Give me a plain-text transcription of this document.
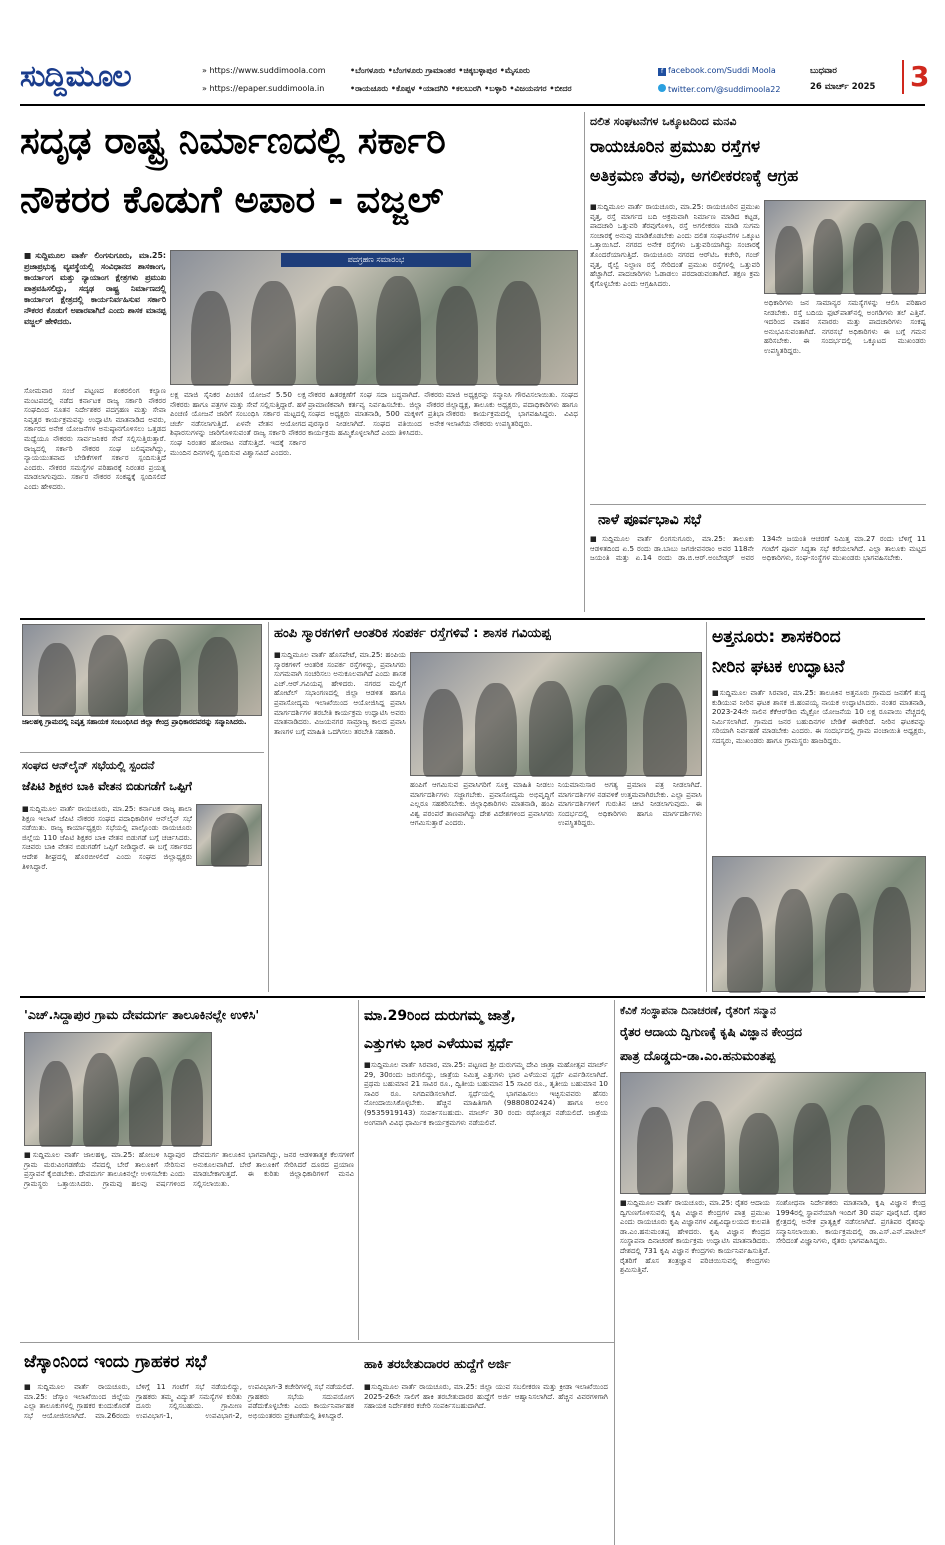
ಸುದ್ದಿಮೂಲ	» https://www.suddimoola.com
» https://epaper.suddimoola.in
•ಬೆಂಗಳೂರು •ಬೆಂಗಳೂರು ಗ್ರಾಮಾಂತರ •ಚಿಕ್ಕಬಳ್ಳಾಪುರ •ಮೈಸೂರು
•ರಾಯಚೂರು •ಕೊಪ್ಪಳ •ಯಾದಗಿರಿ •ಕಲಬುರಗಿ •ಬಳ್ಳಾರಿ •ವಿಜಯನಗರ •ಬೀದರ
f facebook.com/Suddi Moola
twitter.com/@suddimoola22
ಬುಧವಾರ
26 ಮಾರ್ಚ್ 2025 3
ಸದೃಢ ರಾಷ್ಟ್ರ ನಿರ್ಮಾಣದಲ್ಲಿ ಸರ್ಕಾರಿ
ನೌಕರರ ಕೊಡುಗೆ ಅಪಾರ - ವಜ್ಜಲ್
■ಸುದ್ದಿಮೂಲ ವಾರ್ತೆ ಲಿಂಗಸುಗೂರು, ಮಾ.25: ಪ್ರಜಾಪ್ರಭುತ್ವ ವ್ಯವಸ್ಥೆಯಲ್ಲಿ ಸಂವಿಧಾನದ ಶಾಸಕಾಂಗ, ಕಾರ್ಯಾಂಗ ಮತ್ತು ನ್ಯಾಯಾಂಗ ಕ್ಷೇತ್ರಗಳು ಪ್ರಮುಖ ಪಾತ್ರವಹಿಸಲಿದ್ದು, ಸದೃಢ ರಾಷ್ಟ್ರ ನಿರ್ಮಾಣದಲ್ಲಿ ಕಾರ್ಯಾಂಗ ಕ್ಷೇತ್ರದಲ್ಲಿ ಕಾರ್ಯನಿರ್ವಹಿಸುವ ಸರ್ಕಾರಿ ನೌಕರರ ಕೊಡುಗೆ ಅಪಾರವಾಗಿದೆ ಎಂದು ಶಾಸಕ ಮಾನಪ್ಪ ವಜ್ಜಲ್ ಹೇಳಿದರು.
ಪದಗ್ರಹಣ ಸಮಾರಂಭ
ಸೋಮವಾರ ಸಂಜೆ ಪಟ್ಟಣದ ಶಂಕರಲಿಂಗ ಕಲ್ಯಾಣ ಮಂಟಪದಲ್ಲಿ ನಡೆದ ಕರ್ನಾಟಕ ರಾಜ್ಯ ಸರ್ಕಾರಿ ನೌಕರರ ಸಂಘದಿಂದ ನೂತನ ನಿರ್ದೇಶಕರ ಪದಗ್ರಹಣ ಮತ್ತು ಸೇವಾ ನಿವೃತ್ತರ ಕಾರ್ಯಕ್ರಮವನ್ನು ಉದ್ಘಾಟಿಸಿ ಮಾತನಾಡಿದ ಅವರು, ಸರ್ಕಾರದ ಅನೇಕ ಯೋಜನೆಗಳ ಅನುಷ್ಠಾನಗೊಳಿಸಲು ಒತ್ತಡದ ಮಧ್ಯೆಯೂ ನೌಕರರು ಸಾರ್ವಜನಿಕರ ಸೇವೆ ಸಲ್ಲಿಸುತ್ತಿರುತ್ತಾರೆ. ರಾಜ್ಯದಲ್ಲಿ ಸರ್ಕಾರಿ ನೌಕರರ ಸಂಘ ಬಲಿಷ್ಠವಾಗಿದ್ದು, ನ್ಯಾಯಯುತವಾದ ಬೇಡಿಕೆಗಳಿಗೆ ಸರ್ಕಾರ ಸ್ಪಂದಿಸುತ್ತಿದೆ ಎಂದರು. ನೌಕರರ ಸಮಸ್ಯೆಗಳ ಪರಿಹಾರಕ್ಕೆ ನಿರಂತರ ಪ್ರಯತ್ನ ಮಾಡಲಾಗುವುದು. ಸರ್ಕಾರ ನೌಕರರ ಸಂಕಷ್ಟಕ್ಕೆ ಸ್ಪಂದಿಸಲಿದೆ ಎಂದು ಹೇಳಿದರು.
ಲಕ್ಷ ಮಾಜಿ ಸೈನಿಕರ ಪಿಂಚಣಿ ಯೋಜನೆ 5.50 ಲಕ್ಷ ನೌಕರರು ಹಾಗೂ ಪತ್ರಗಳ ಮತ್ತು ಸೇವೆ ಸಲ್ಲಿಸುತ್ತಿದ್ದಾರೆ. ಹಳೆ ಪಿಂಚಣಿ ಯೋಜನೆ ಜಾರಿಗೆ ಸಂಬಂಧಿಸಿ ಸರ್ಕಾರ ಮಟ್ಟದಲ್ಲಿ ಚರ್ಚೆ ನಡೆಸಲಾಗುತ್ತಿದೆ. ಏಳನೇ ವೇತನ ಆಯೋಗದ ಶಿಫಾರಸುಗಳನ್ನು ಜಾರಿಗೊಳಿಸುವಂತೆ ರಾಜ್ಯ ಸರ್ಕಾರಿ ನೌಕರರ ಸಂಘ ನಿರಂತರ ಹೋರಾಟ ನಡೆಸುತ್ತಿದೆ. ಇದಕ್ಕೆ ಸರ್ಕಾರ ಮುಂದಿನ ದಿನಗಳಲ್ಲಿ ಸ್ಪಂದಿಸುವ ವಿಶ್ವಾಸವಿದೆ ಎಂದರು.
ನೌಕರರ ಹಿತರಕ್ಷಣೆಗೆ ಸಂಘ ಸದಾ ಬದ್ಧವಾಗಿದೆ. ನೌಕರರು ಪ್ರಾಮಾಣಿಕವಾಗಿ ಕರ್ತವ್ಯ ನಿರ್ವಹಿಸಬೇಕು. ಜಿಲ್ಲಾ ನೌಕರರ ಸಂಘದ ಅಧ್ಯಕ್ಷರು ಮಾತನಾಡಿ, 500 ಮಕ್ಕಳಿಗೆ ಪ್ರತಿಭಾ ಪುರಸ್ಕಾರ ನೀಡಲಾಗಿದೆ. ಸಂಘದ ವತಿಯಿಂದ ಅನೇಕ ಕಾರ್ಯಕ್ರಮ ಹಮ್ಮಿಕೊಳ್ಳಲಾಗಿದೆ ಎಂದು ತಿಳಿಸಿದರು.
ಮಾಜಿ ಅಧ್ಯಕ್ಷರನ್ನು ಸನ್ಮಾನಿಸಿ ಗೌರವಿಸಲಾಯಿತು. ಸಂಘದ ಜಿಲ್ಲಾಧ್ಯಕ್ಷ, ತಾಲೂಕು ಅಧ್ಯಕ್ಷರು, ಪದಾಧಿಕಾರಿಗಳು ಹಾಗೂ ನೌಕರರು ಕಾರ್ಯಕ್ರಮದಲ್ಲಿ ಭಾಗವಹಿಸಿದ್ದರು. ವಿವಿಧ ಇಲಾಖೆಯ ನೌಕರರು ಉಪಸ್ಥಿತರಿದ್ದರು.
ದಲಿತ ಸಂಘಟನೆಗಳ ಒಕ್ಕೂಟದಿಂದ ಮನವಿ
ರಾಯಚೂರಿನ ಪ್ರಮುಖ ರಸ್ತೆಗಳ
ಅತಿಕ್ರಮಣ ತೆರವು, ಅಗಲೀಕರಣಕ್ಕೆ ಆಗ್ರಹ
■ಸುದ್ದಿಮೂಲ ವಾರ್ತೆ ರಾಯಚೂರು, ಮಾ.25: ರಾಯಚೂರಿನ ಪ್ರಮುಖ ವೃತ್ತ, ರಸ್ತೆ ಮಾರ್ಗದ ಬದಿ ಅಕ್ರಮವಾಗಿ ನಿರ್ಮಾಣ ಮಾಡಿದ ಕಟ್ಟಡ, ಪಾದಚಾರಿ ಒತ್ತುವರಿ ತೆರವುಗೊಳಿಸಿ, ರಸ್ತೆ ಅಗಲೀಕರಣ ಮಾಡಿ ಸುಗಮ ಸಂಚಾರಕ್ಕೆ ಅನುವು ಮಾಡಿಕೊಡಬೇಕು ಎಂದು ದಲಿತ ಸಂಘಟನೆಗಳ ಒಕ್ಕೂಟ ಒತ್ತಾಯಿಸಿದೆ. ನಗರದ ಅನೇಕ ರಸ್ತೆಗಳು ಒತ್ತುವರಿಯಾಗಿದ್ದು ಸಂಚಾರಕ್ಕೆ ತೊಂದರೆಯಾಗುತ್ತಿದೆ. ರಾಯಚೂರು ನಗರದ ಆರ್‌ಟಿಒ ಕಚೇರಿ, ಗಂಜ್ ವೃತ್ತ, ರೈಲ್ವೆ ನಿಲ್ದಾಣ ರಸ್ತೆ ಸೇರಿದಂತೆ ಪ್ರಮುಖ ರಸ್ತೆಗಳಲ್ಲಿ ಒತ್ತುವರಿ ಹೆಚ್ಚಾಗಿದೆ. ಪಾದಚಾರಿಗಳು ಓಡಾಡಲು ಪರದಾಡುವಂತಾಗಿದೆ. ತಕ್ಷಣ ಕ್ರಮ ಕೈಗೊಳ್ಳಬೇಕು ಎಂದು ಆಗ್ರಹಿಸಿದರು.
ಅಧಿಕಾರಿಗಳು ಜನ ಸಾಮಾನ್ಯರ ಸಮಸ್ಯೆಗಳನ್ನು ಆಲಿಸಿ ಪರಿಹಾರ ನೀಡಬೇಕು. ರಸ್ತೆ ಬದಿಯ ಫುಟ್‌ಪಾತ್‌ನಲ್ಲಿ ಅಂಗಡಿಗಳು ತಲೆ ಎತ್ತಿವೆ. ಇದರಿಂದ ವಾಹನ ಸವಾರರು ಮತ್ತು ಪಾದಚಾರಿಗಳು ಸಂಕಷ್ಟ ಅನುಭವಿಸುವಂತಾಗಿದೆ. ನಗರಸಭೆ ಅಧಿಕಾರಿಗಳು ಈ ಬಗ್ಗೆ ಗಮನ ಹರಿಸಬೇಕು. ಈ ಸಂದರ್ಭದಲ್ಲಿ ಒಕ್ಕೂಟದ ಮುಖಂಡರು ಉಪಸ್ಥಿತರಿದ್ದರು.
ನಾಳೆ ಪೂರ್ವಭಾವಿ ಸಭೆ
■ಸುದ್ದಿಮೂಲ ವಾರ್ತೆ ಲಿಂಗಸುಗೂರು, ಮಾ.25: ತಾಲೂಕು ಆಡಳಿತದಿಂದ ಏ.5 ರಂದು ಡಾ.ಬಾಬು ಜಗಜೀವನರಾಂ ಅವರ 118ನೇ ಜಯಂತಿ ಮತ್ತು ಏ.14 ರಂದು ಡಾ.ಬಿ.ಆರ್.ಅಂಬೇಡ್ಕರ್ ಅವರ 134ನೇ ಜಯಂತಿ ಆಚರಣೆ ನಿಮಿತ್ತ ಮಾ.27 ರಂದು ಬೆಳಿಗ್ಗೆ 11 ಗಂಟೆಗೆ ಪೂರ್ವ ಸಿದ್ಧತಾ ಸಭೆ ಕರೆಯಲಾಗಿದೆ. ಎಲ್ಲಾ ತಾಲೂಕು ಮಟ್ಟದ ಅಧಿಕಾರಿಗಳು, ಸಂಘ-ಸಂಸ್ಥೆಗಳ ಮುಖಂಡರು ಭಾಗವಹಿಸಬೇಕು.
ಜಾಲಹಳ್ಳಿ ಗ್ರಾಮದಲ್ಲಿ ನಿವೃತ್ತ ಸಹಾಯಕ ಸಂಬಂಧಿಸಿದ ಜಿಲ್ಲಾ ಕೇಂದ್ರ ಪ್ರಾಧಿಕಾರದವರನ್ನು ಸನ್ಮಾನಿಸಿದರು.
ಸಂಘದ ಆನ್‌ಲೈನ್ ಸಭೆಯಲ್ಲಿ ಸ್ಪಂದನೆ
ಜೆಪಿಟಿ ಶಿಕ್ಷಕರ ಬಾಕಿ ವೇತನ ಬಿಡುಗಡೆಗೆ ಒಪ್ಪಿಗೆ
■ಸುದ್ದಿಮೂಲ ವಾರ್ತೆ ರಾಯಚೂರು, ಮಾ.25: ಕರ್ನಾಟಕ ರಾಜ್ಯ ಶಾಲಾ ಶಿಕ್ಷಣ ಇಲಾಖೆ ಜೆಪಿಟಿ ನೌಕರರ ಸಂಘದ ಪದಾಧಿಕಾರಿಗಳ ಆನ್‌ಲೈನ್ ಸಭೆ ನಡೆಯಿತು. ರಾಜ್ಯ ಕಾರ್ಯಾಧ್ಯಕ್ಷರು ಸಭೆಯಲ್ಲಿ ಪಾಲ್ಗೊಂಡು ರಾಯಚೂರು ಜಿಲ್ಲೆಯ 110 ಜೆಪಿಟಿ ಶಿಕ್ಷಕರ ಬಾಕಿ ವೇತನ ಬಿಡುಗಡೆ ಬಗ್ಗೆ ಚರ್ಚಿಸಿದರು. ಸಚಿವರು ಬಾಕಿ ವೇತನ ಬಿಡುಗಡೆಗೆ ಒಪ್ಪಿಗೆ ನೀಡಿದ್ದಾರೆ. ಈ ಬಗ್ಗೆ ಸರ್ಕಾರದ ಆದೇಶ ಶೀಘ್ರದಲ್ಲಿ ಹೊರಬೀಳಲಿದೆ ಎಂದು ಸಂಘದ ಜಿಲ್ಲಾಧ್ಯಕ್ಷರು ತಿಳಿಸಿದ್ದಾರೆ.
ಹಂಪಿ ಸ್ಮಾರಕಗಳಿಗೆ ಆಂತರಿಕ ಸಂಪರ್ಕ ರಸ್ತೆಗಳಿವೆ : ಶಾಸಕ ಗವಿಯಪ್ಪ
■ಸುದ್ದಿಮೂಲ ವಾರ್ತೆ ಹೊಸಪೇಟೆ, ಮಾ.25: ಹಂಪಿಯ ಸ್ಮಾರಕಗಳಿಗೆ ಆಂತರಿಕ ಸಂಪರ್ಕ ರಸ್ತೆಗಳಿದ್ದು, ಪ್ರವಾಸಿಗರು ಸುಗಮವಾಗಿ ಸಂಚರಿಸಲು ಅನುಕೂಲವಾಗಿದೆ ಎಂದು ಶಾಸಕ ಎಚ್.ಆರ್.ಗವಿಯಪ್ಪ ಹೇಳಿದರು. ನಗರದ ಮಲ್ಲಿಗೆ ಹೋಟೆಲ್ ಸಭಾಂಗಣದಲ್ಲಿ ಜಿಲ್ಲಾ ಆಡಳಿತ ಹಾಗೂ ಪ್ರವಾಸೋದ್ಯಮ ಇಲಾಖೆಯಿಂದ ಆಯೋಜಿಸಿದ್ದ ಪ್ರವಾಸಿ ಮಾರ್ಗದರ್ಶಿಗಳ ತರಬೇತಿ ಕಾರ್ಯಕ್ರಮ ಉದ್ಘಾಟಿಸಿ ಅವರು ಮಾತನಾಡಿದರು. ವಿಜಯನಗರ ಸಾಮ್ರಾಜ್ಯ ಕಾಲದ ಪ್ರವಾಸಿ ತಾಣಗಳ ಬಗ್ಗೆ ಮಾಹಿತಿ ಒದಗಿಸಲು ತರಬೇತಿ ಸಹಕಾರಿ.
ಹಂಪಿಗೆ ಆಗಮಿಸುವ ಪ್ರವಾಸಿಗರಿಗೆ ಸೂಕ್ತ ಮಾಹಿತಿ ನೀಡಲು ಮಾರ್ಗದರ್ಶಿಗಳು ಸಜ್ಜಾಗಬೇಕು. ಪ್ರವಾಸೋದ್ಯಮ ಅಭಿವೃದ್ಧಿಗೆ ಎಲ್ಲರೂ ಸಹಕರಿಸಬೇಕು. ಜಿಲ್ಲಾಧಿಕಾರಿಗಳು ಮಾತನಾಡಿ, ಹಂಪಿ ವಿಶ್ವ ಪರಂಪರೆ ತಾಣವಾಗಿದ್ದು ದೇಶ ವಿದೇಶಗಳಿಂದ ಪ್ರವಾಸಿಗರು ಆಗಮಿಸುತ್ತಾರೆ ಎಂದರು.
ನಿಯಮಾನುಸಾರ ಅಗತ್ಯ ಪ್ರಮಾಣ ಪತ್ರ ನೀಡಲಾಗಿದೆ. ಮಾರ್ಗದರ್ಶಿಗಳ ನಡವಳಿಕೆ ಉತ್ತಮವಾಗಿರಬೇಕು. ಎಲ್ಲಾ ಪ್ರವಾಸಿ ಮಾರ್ಗದರ್ಶಿಗಳಿಗೆ ಗುರುತಿನ ಚೀಟಿ ನೀಡಲಾಗುವುದು. ಈ ಸಂದರ್ಭದಲ್ಲಿ ಅಧಿಕಾರಿಗಳು ಹಾಗೂ ಮಾರ್ಗದರ್ಶಿಗಳು ಉಪಸ್ಥಿತರಿದ್ದರು.
ಅತ್ತನೂರು: ಶಾಸಕರಿಂದ
ನೀರಿನ ಘಟಕ ಉದ್ಘಾಟನೆ
■ಸುದ್ದಿಮೂಲ ವಾರ್ತೆ ಸಿರವಾರ, ಮಾ.25: ತಾಲೂಕಿನ ಅತ್ತನೂರು ಗ್ರಾಮದ ಜನತೆಗೆ ಶುದ್ಧ ಕುಡಿಯುವ ನೀರಿನ ಘಟಕ ಶಾಸಕ ಜಿ.ಹಂಪಯ್ಯ ನಾಯಕ ಉದ್ಘಾಟಿಸಿದರು. ನಂತರ ಮಾತನಾಡಿ, 2023-24ನೇ ಸಾಲಿನ ಕೆಕೆಆರ್‌ಡಿಬಿ ಮೈಕ್ರೋ ಯೋಜನೆಯ 10 ಲಕ್ಷ ರೂಪಾಯಿ ವೆಚ್ಚದಲ್ಲಿ ನಿರ್ಮಿಸಲಾಗಿದೆ. ಗ್ರಾಮದ ಜನರ ಬಹುದಿನಗಳ ಬೇಡಿಕೆ ಈಡೇರಿದೆ. ನೀರಿನ ಘಟಕವನ್ನು ಸರಿಯಾಗಿ ನಿರ್ವಹಣೆ ಮಾಡಬೇಕು ಎಂದರು. ಈ ಸಂದರ್ಭದಲ್ಲಿ ಗ್ರಾಮ ಪಂಚಾಯಿತಿ ಅಧ್ಯಕ್ಷರು, ಸದಸ್ಯರು, ಮುಖಂಡರು ಹಾಗೂ ಗ್ರಾಮಸ್ಥರು ಹಾಜರಿದ್ದರು.
'ಎಚ್.ಸಿದ್ದಾಪುರ ಗ್ರಾಮ ದೇವದುರ್ಗ ತಾಲೂಕಿನಲ್ಲೇ ಉಳಿಸಿ'
■ಸುದ್ದಿಮೂಲ ವಾರ್ತೆ ಜಾಲಹಳ್ಳಿ, ಮಾ.25: ಹೋಬಳಿ ಸಿದ್ದಾಪುರ ಗ್ರಾಮ ಮರುವಿಂಗಡಣೆಯ ನೆಪದಲ್ಲಿ ಬೇರೆ ತಾಲೂಕಿಗೆ ಸೇರಿಸುವ ಪ್ರಸ್ತಾವನೆ ಕೈಬಿಡಬೇಕು. ದೇವದುರ್ಗ ತಾಲೂಕಿನಲ್ಲೇ ಉಳಿಸಬೇಕು ಎಂದು ಗ್ರಾಮಸ್ಥರು ಒತ್ತಾಯಿಸಿದರು. ಗ್ರಾಮವು ಹಲವು ವರ್ಷಗಳಿಂದ ದೇವದುರ್ಗ ತಾಲೂಕಿನ ಭಾಗವಾಗಿದ್ದು, ಜನರ ಆಡಳಿತಾತ್ಮಕ ಕೆಲಸಗಳಿಗೆ ಅನುಕೂಲವಾಗಿದೆ. ಬೇರೆ ತಾಲೂಕಿಗೆ ಸೇರಿಸಿದರೆ ದೂರದ ಪ್ರಯಾಣ ಮಾಡಬೇಕಾಗುತ್ತದೆ. ಈ ಕುರಿತು ಜಿಲ್ಲಾಧಿಕಾರಿಗಳಿಗೆ ಮನವಿ ಸಲ್ಲಿಸಲಾಯಿತು.
ಮಾ.29ರಿಂದ ದುರುಗಮ್ಮ ಜಾತ್ರೆ,
ಎತ್ತುಗಳು ಭಾರ ಎಳೆಯುವ ಸ್ಪರ್ಧೆ
■ಸುದ್ದಿಮೂಲ ವಾರ್ತೆ ಸಿರವಾರ, ಮಾ.25: ಪಟ್ಟಣದ ಶ್ರೀ ದುರುಗಮ್ಮ ದೇವಿ ಜಾತ್ರಾ ಮಹೋತ್ಸವ ಮಾರ್ಚ್ 29, 30ರಂದು ಜರುಗಲಿದ್ದು, ಜಾತ್ರೆಯ ನಿಮಿತ್ತ ಎತ್ತುಗಳು ಭಾರ ಎಳೆಯುವ ಸ್ಪರ್ಧೆ ಏರ್ಪಡಿಸಲಾಗಿದೆ. ಪ್ರಥಮ ಬಹುಮಾನ 21 ಸಾವಿರ ರೂ., ದ್ವಿತೀಯ ಬಹುಮಾನ 15 ಸಾವಿರ ರೂ., ತೃತೀಯ ಬಹುಮಾನ 10 ಸಾವಿರ ರೂ. ನಿಗದಿಪಡಿಸಲಾಗಿದೆ. ಸ್ಪರ್ಧೆಯಲ್ಲಿ ಭಾಗವಹಿಸಲು ಇಚ್ಛಿಸುವವರು ಹೆಸರು ನೋಂದಾಯಿಸಿಕೊಳ್ಳಬೇಕು. ಹೆಚ್ಚಿನ ಮಾಹಿತಿಗಾಗಿ (9880802424) ಹಾಗೂ ಅಲಂ (9535919143) ಸಂಪರ್ಕಿಸಬಹುದು. ಮಾರ್ಚ್ 30 ರಂದು ರಥೋತ್ಸವ ನಡೆಯಲಿದೆ. ಜಾತ್ರೆಯ ಅಂಗವಾಗಿ ವಿವಿಧ ಧಾರ್ಮಿಕ ಕಾರ್ಯಕ್ರಮಗಳು ನಡೆಯಲಿವೆ.
ಕೆವಿಕೆ ಸಂಸ್ಥಾಪನಾ ದಿನಾಚರಣೆ, ರೈತರಿಗೆ ಸನ್ಮಾನ
ರೈತರ ಆದಾಯ ದ್ವಿಗುಣಕ್ಕೆ ಕೃಷಿ ವಿಜ್ಞಾನ ಕೇಂದ್ರದ
ಪಾತ್ರ ದೊಡ್ಡದು-ಡಾ.ಎಂ.ಹನುಮಂತಪ್ಪ
■ಸುದ್ದಿಮೂಲ ವಾರ್ತೆ ರಾಯಚೂರು, ಮಾ.25: ರೈತರ ಆದಾಯ ದ್ವಿಗುಣಗೊಳಿಸುವಲ್ಲಿ ಕೃಷಿ ವಿಜ್ಞಾನ ಕೇಂದ್ರಗಳ ಪಾತ್ರ ಪ್ರಮುಖ ಎಂದು ರಾಯಚೂರು ಕೃಷಿ ವಿಜ್ಞಾನಗಳ ವಿಶ್ವವಿದ್ಯಾಲಯದ ಕುಲಪತಿ ಡಾ.ಎಂ.ಹನುಮಂತಪ್ಪ ಹೇಳಿದರು. ಕೃಷಿ ವಿಜ್ಞಾನ ಕೇಂದ್ರದ ಸಂಸ್ಥಾಪನಾ ದಿನಾಚರಣೆ ಕಾರ್ಯಕ್ರಮ ಉದ್ಘಾಟಿಸಿ ಮಾತನಾಡಿದರು. ದೇಶದಲ್ಲಿ 731 ಕೃಷಿ ವಿಜ್ಞಾನ ಕೇಂದ್ರಗಳು ಕಾರ್ಯನಿರ್ವಹಿಸುತ್ತಿವೆ. ರೈತರಿಗೆ ಹೊಸ ತಂತ್ರಜ್ಞಾನ ಪರಿಚಯಿಸುವಲ್ಲಿ ಕೇಂದ್ರಗಳು ಶ್ರಮಿಸುತ್ತಿವೆ.
ಸಂಶೋಧನಾ ನಿರ್ದೇಶಕರು ಮಾತನಾಡಿ, ಕೃಷಿ ವಿಜ್ಞಾನ ಕೇಂದ್ರ 1994ರಲ್ಲಿ ಸ್ಥಾಪನೆಯಾಗಿ ಇಂದಿಗೆ 30 ವರ್ಷ ಪೂರೈಸಿದೆ. ರೈತರ ಕ್ಷೇತ್ರದಲ್ಲಿ ಅನೇಕ ಪ್ರಾತ್ಯಕ್ಷಿಕೆ ನಡೆಸಲಾಗಿದೆ. ಪ್ರಗತಿಪರ ರೈತರನ್ನು ಸನ್ಮಾನಿಸಲಾಯಿತು. ಕಾರ್ಯಕ್ರಮದಲ್ಲಿ ಡಾ.ಎಸ್.ಎನ್.ಪಾಟೀಲ್ ಸೇರಿದಂತೆ ವಿಜ್ಞಾನಿಗಳು, ರೈತರು ಭಾಗವಹಿಸಿದ್ದರು.
ಜೆಸ್ಕಾಂನಿಂದ ಇಂದು ಗ್ರಾಹಕರ ಸಭೆ
■ಸುದ್ದಿಮೂಲ ವಾರ್ತೆ ರಾಯಚೂರು, ಮಾ.25: ಜೆಸ್ಕಾಂ ಇಲಾಖೆಯಿಂದ ಜಿಲ್ಲೆಯ ಎಲ್ಲಾ ತಾಲೂಕುಗಳಲ್ಲಿ ಗ್ರಾಹಕರ ಕುಂದುಕೊರತೆ ಸಭೆ ಆಯೋಜಿಸಲಾಗಿದೆ. ಮಾ.26ರಂದು ಬೆಳಿಗ್ಗೆ 11 ಗಂಟೆಗೆ ಸಭೆ ನಡೆಯಲಿದ್ದು, ಗ್ರಾಹಕರು ತಮ್ಮ ವಿದ್ಯುತ್ ಸಮಸ್ಯೆಗಳ ಕುರಿತು ದೂರು ಸಲ್ಲಿಸಬಹುದು. ಗ್ರಾಮೀಣ ಉಪವಿಭಾಗ-1, ಉಪವಿಭಾಗ-2, ಉಪವಿಭಾಗ-3 ಕಚೇರಿಗಳಲ್ಲಿ ಸಭೆ ನಡೆಯಲಿದೆ. ಗ್ರಾಹಕರು ಸಭೆಯ ಸದುಪಯೋಗ ಪಡೆದುಕೊಳ್ಳಬೇಕು ಎಂದು ಕಾರ್ಯನಿರ್ವಾಹಕ ಅಭಿಯಂತರರು ಪ್ರಕಟಣೆಯಲ್ಲಿ ತಿಳಿಸಿದ್ದಾರೆ.
ಹಾಕಿ ತರಬೇತುದಾರರ ಹುದ್ದೆಗೆ ಅರ್ಜಿ
■ಸುದ್ದಿಮೂಲ ವಾರ್ತೆ ರಾಯಚೂರು, ಮಾ.25: ಜಿಲ್ಲಾ ಯುವ ಸಬಲೀಕರಣ ಮತ್ತು ಕ್ರೀಡಾ ಇಲಾಖೆಯಿಂದ 2025-26ನೇ ಸಾಲಿಗೆ ಹಾಕಿ ತರಬೇತುದಾರರ ಹುದ್ದೆಗೆ ಅರ್ಜಿ ಆಹ್ವಾನಿಸಲಾಗಿದೆ. ಹೆಚ್ಚಿನ ವಿವರಗಳಿಗಾಗಿ ಸಹಾಯಕ ನಿರ್ದೇಶಕರ ಕಚೇರಿ ಸಂಪರ್ಕಿಸಬಹುದಾಗಿದೆ.
